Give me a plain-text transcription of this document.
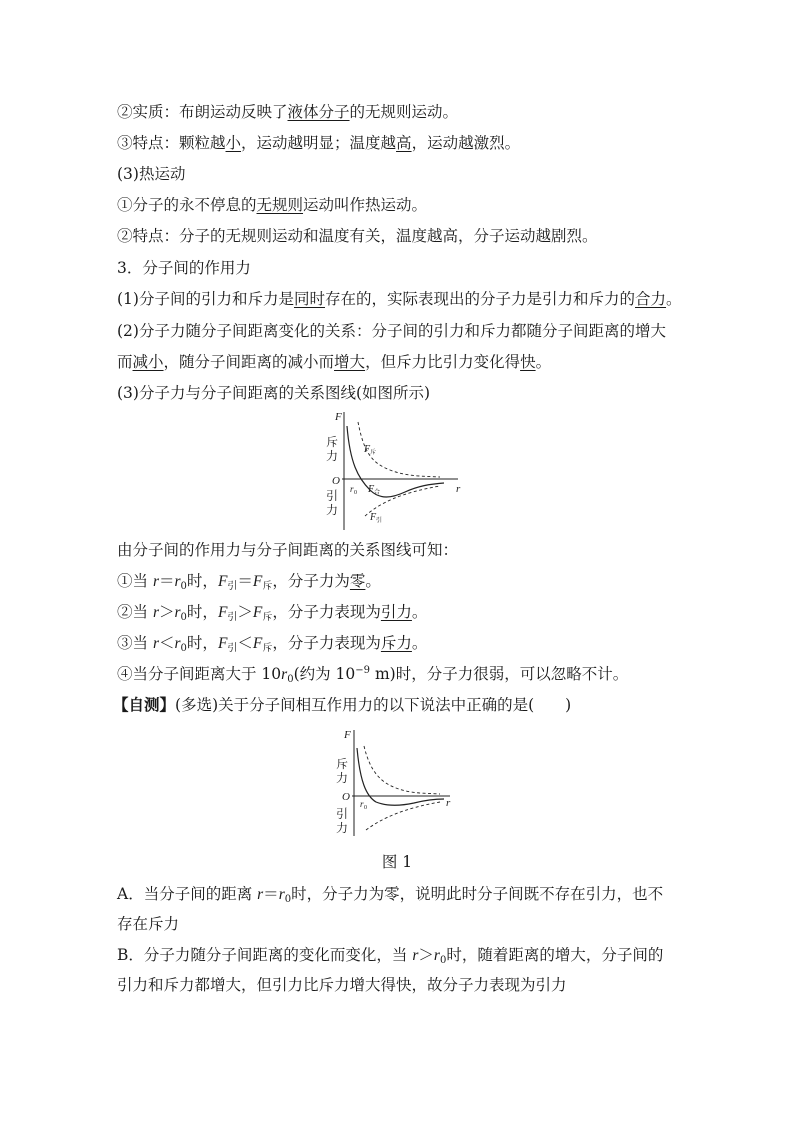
②实质：布朗运动反映了液体分子的无规则运动。
③特点：颗粒越小，运动越明显；温度越高，运动越激烈。
(3)热运动
①分子的永不停息的无规则运动叫作热运动。
②特点：分子的无规则运动和温度有关，温度越高，分子运动越剧烈。
3．分子间的作用力
(1)分子间的引力和斥力是同时存在的，实际表现出的分子力是引力和斥力的合力。
(2)分子力随分子间距离变化的关系：分子间的引力和斥力都随分子间距离的增大
而减小，随分子间距离的减小而增大，但斥力比引力变化得快。
(3)分子力与分子间距离的关系图线(如图所示)
F
斥
力
O
引
力
r
r 0
F 斥
F 合
F 引
由分子间的作用力与分子间距离的关系图线可知：
①当 $r=r_0$时，$F_引=F_斥$，分子力为零。
②当 $r>r_0$时，$F_引>F_斥$，分子力表现为引力。
③当 $r<r_0$时，$F_引<F_斥$，分子力表现为斥力。
④当分子间距离大于 $10r_0$(约为 $10^{-9}$ m)时，分子力很弱，可以忽略不计。
【自测】(多选)关于分子间相互作用力的以下说法中正确的是(　　)
F
斥
力
O
引
力
r
r 0
图 1
A．当分子间的距离 $r=r_0$时，分子力为零，说明此时分子间既不存在引力，也不
存在斥力
B．分子力随分子间距离的变化而变化，当 $r>r_0$时，随着距离的增大，分子间的
引力和斥力都增大，但引力比斥力增大得快，故分子力表现为引力
